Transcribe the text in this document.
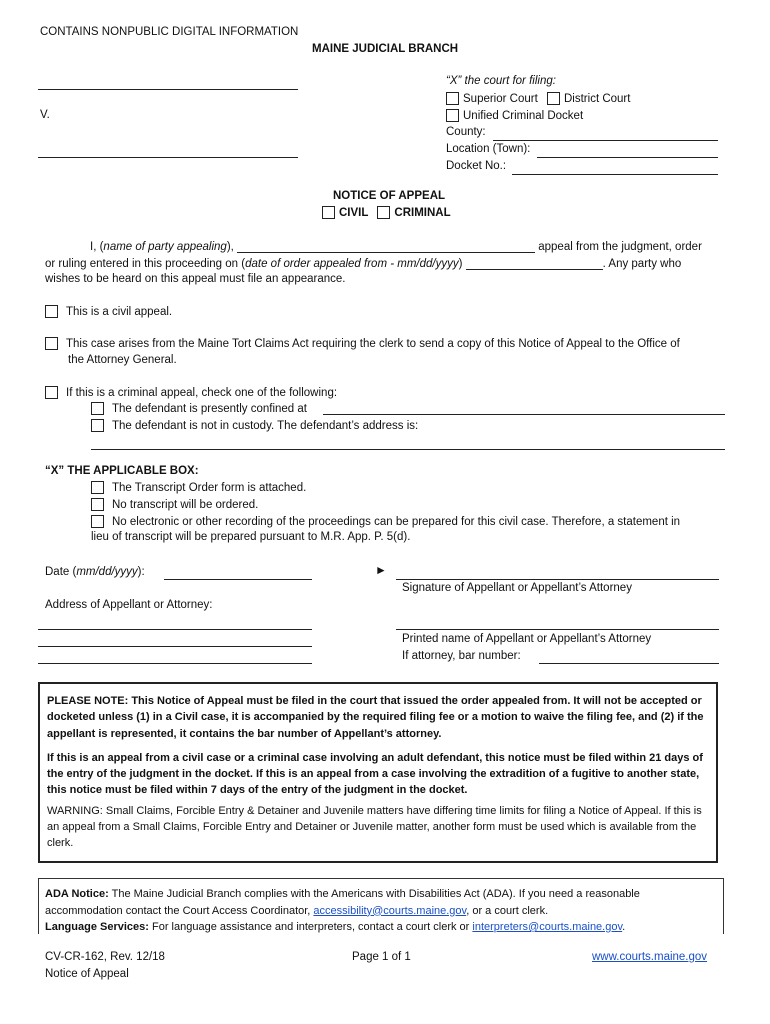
CONTAINS NONPUBLIC DIGITAL INFORMATION
MAINE JUDICIAL BRANCH
V.
“X” the court for filing:
Superior Court District Court
Unified Criminal Docket
County:
Location (Town):
Docket No.:
NOTICE OF APPEAL
CIVIL CRIMINAL
I, (name of party appealing),	appeal from the judgment, order
or ruling entered in this proceeding on (date of order appealed from - mm/dd/yyyy)	. Any party who
wishes to be heard on this appeal must file an appearance.
This is a civil appeal.
This case arises from the Maine Tort Claims Act requiring the clerk to send a copy of this Notice of Appeal to the Office of
the Attorney General.
If this is a criminal appeal, check one of the following:
The defendant is presently confined at
The defendant is not in custody. The defendant’s address is:
“X” THE APPLICABLE BOX:
The Transcript Order form is attached.
No transcript will be ordered.
No electronic or other recording of the proceedings can be prepared for this civil case. Therefore, a statement in
lieu of transcript will be prepared pursuant to M.R. App. P. 5(d).
Date (mm/dd/yyyy):	►
Signature of Appellant or Appellant’s Attorney
Address of Appellant or Attorney:
Printed name of Appellant or Appellant’s Attorney
If attorney, bar number:
PLEASE NOTE: This Notice of Appeal must be filed in the court that issued the order appealed from. It will not be accepted or docketed unless (1) in a Civil case, it is accompanied by the required filing fee or a motion to waive the filing fee, and (2) if the appellant is represented, it contains the bar number of Appellant’s attorney.
If this is an appeal from a civil case or a criminal case involving an adult defendant, this notice must be filed within 21 days of the entry of the judgment in the docket. If this is an appeal from a case involving the extradition of a fugitive to another state, this notice must be filed within 7 days of the entry of the judgment in the docket.
WARNING: Small Claims, Forcible Entry & Detainer and Juvenile matters have differing time limits for filing a Notice of Appeal. If this is an appeal from a Small Claims, Forcible Entry and Detainer or Juvenile matter, another form must be used which is available from the clerk.
ADA Notice: The Maine Judicial Branch complies with the Americans with Disabilities Act (ADA). If you need a reasonable accommodation contact the Court Access Coordinator, accessibility@courts.maine.gov, or a court clerk.
Language Services: For language assistance and interpreters, contact a court clerk or interpreters@courts.maine.gov.
CV-CR-162, Rev. 12/18
Notice of Appeal
Page 1 of 1	www.courts.maine.gov
